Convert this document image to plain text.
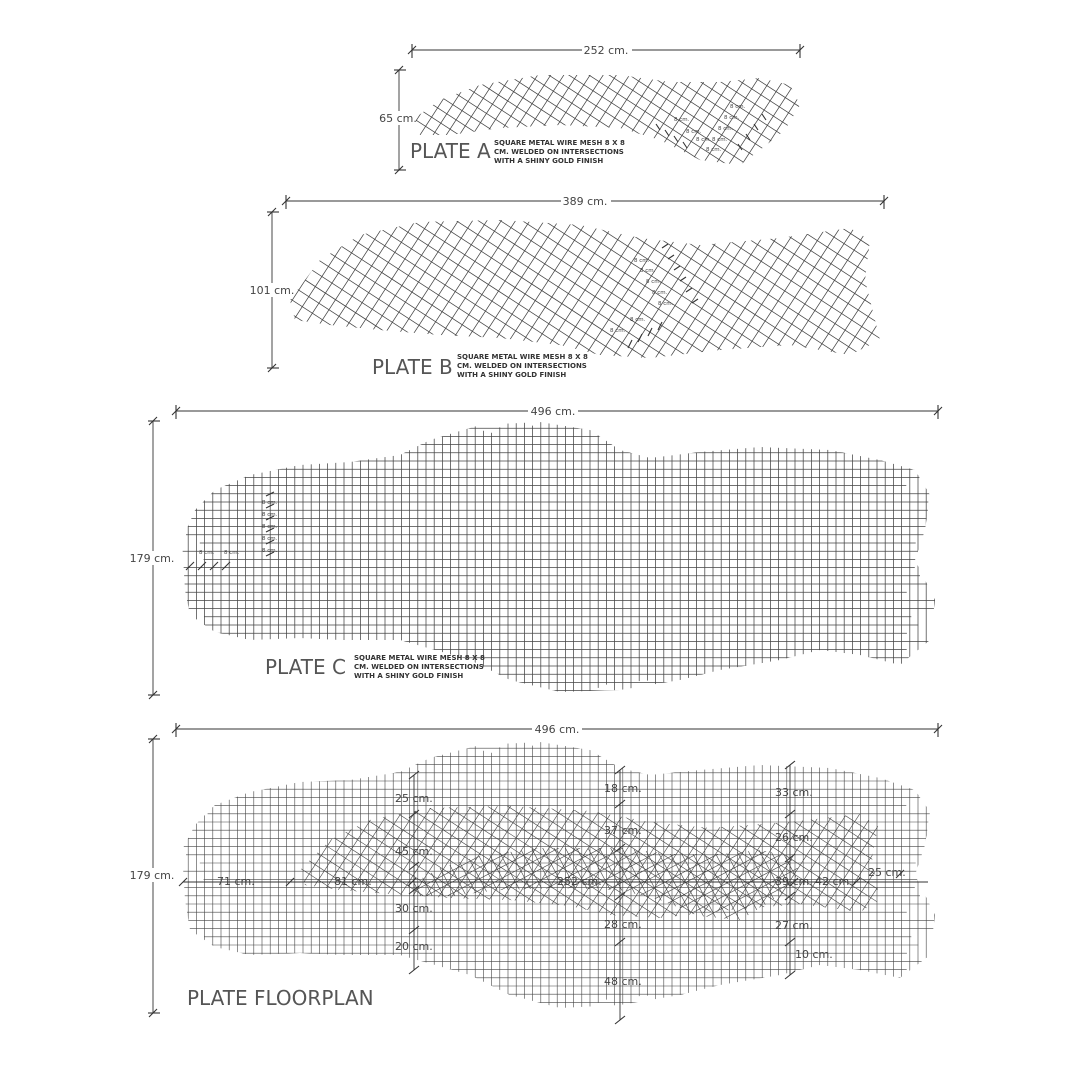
252 cm.
65 cm.
8 cm.
8 cm.
8 cm.
8 cm.
8 cm.
8 cm.
8 cm.
8 cm.
PLATE A SQUARE METAL WIRE MESH 8 X 8
CM. WELDED ON INTERSECTIONS
WITH A SHINY GOLD FINISH
389 cm.
101 cm.
8 cm.
8 cm.
8 cm.
8 cm.
8 cm.
8 cm.
8 cm.
PLATE B SQUARE METAL WIRE MESH 8 X 8
CM. WELDED ON INTERSECTIONS
WITH A SHINY GOLD FINISH
496 cm.
179 cm.	8 cm. 8 cm.
8 cm.
8 cm.
8 cm.
8 cm.
8 cm.
PLATE C SQUARE METAL WIRE MESH 8 X 8
CM. WELDED ON INTERSECTIONS
WITH A SHINY GOLD FINISH
496 cm.
179 cm.
25 cm.
45 cm.
30 cm.
20 cm.
71 cm.	81 cm.	252 cm.
18 cm.
37 cm.
28 cm.
48 cm.
33 cm.
26 cm.
39 cm. 42 cm.
25 cm.
27 cm.
10 cm.
PLATE FLOORPLAN
